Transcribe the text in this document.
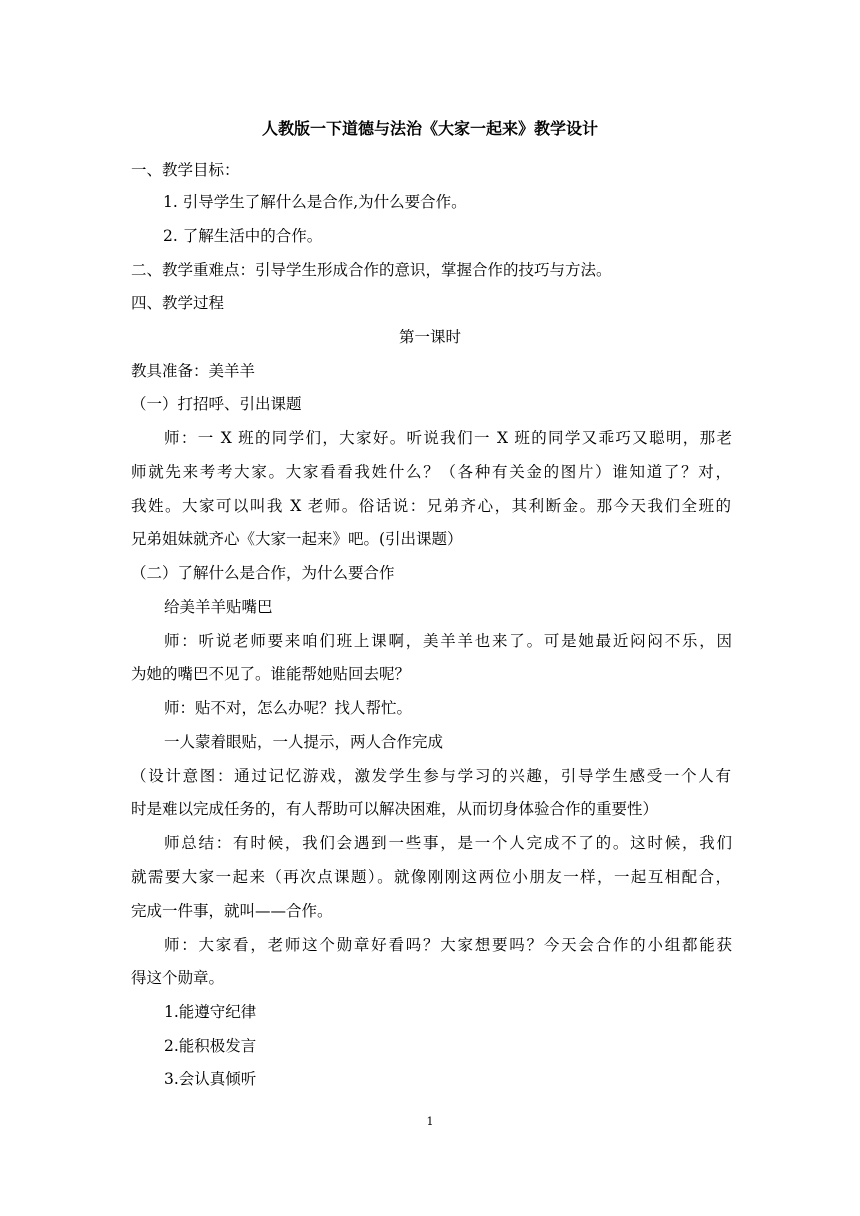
人教版一下道德与法治《大家一起来》教学设计
一、教学目标：
1. 引导学生了解什么是合作,为什么要合作。
2. 了解生活中的合作。
二、教学重难点：引导学生形成合作的意识，掌握合作的技巧与方法。
四、教学过程
第一课时
教具准备：美羊羊
（一）打招呼、引出课题
师：一 X 班的同学们，大家好。听说我们一 X 班的同学又乖巧又聪明，那老
师就先来考考大家。大家看看我姓什么？（各种有关金的图片）谁知道了？对，
我姓。大家可以叫我 X 老师。俗话说：兄弟齐心，其利断金。那今天我们全班的
兄弟姐妹就齐心《大家一起来》吧。(引出课题）
（二）了解什么是合作，为什么要合作
给美羊羊贴嘴巴
师：听说老师要来咱们班上课啊，美羊羊也来了。可是她最近闷闷不乐，因
为她的嘴巴不见了。谁能帮她贴回去呢？
师：贴不对，怎么办呢？找人帮忙。
一人蒙着眼贴，一人提示，两人合作完成
（设计意图：通过记忆游戏，激发学生参与学习的兴趣，引导学生感受一个人有
时是难以完成任务的，有人帮助可以解决困难，从而切身体验合作的重要性）
师总结：有时候，我们会遇到一些事，是一个人完成不了的。这时候，我们
就需要大家一起来（再次点课题）。就像刚刚这两位小朋友一样，一起互相配合，
完成一件事，就叫——合作。
师：大家看，老师这个勋章好看吗？大家想要吗？今天会合作的小组都能获
得这个勋章。
1.能遵守纪律
2.能积极发言
3.会认真倾听
1
